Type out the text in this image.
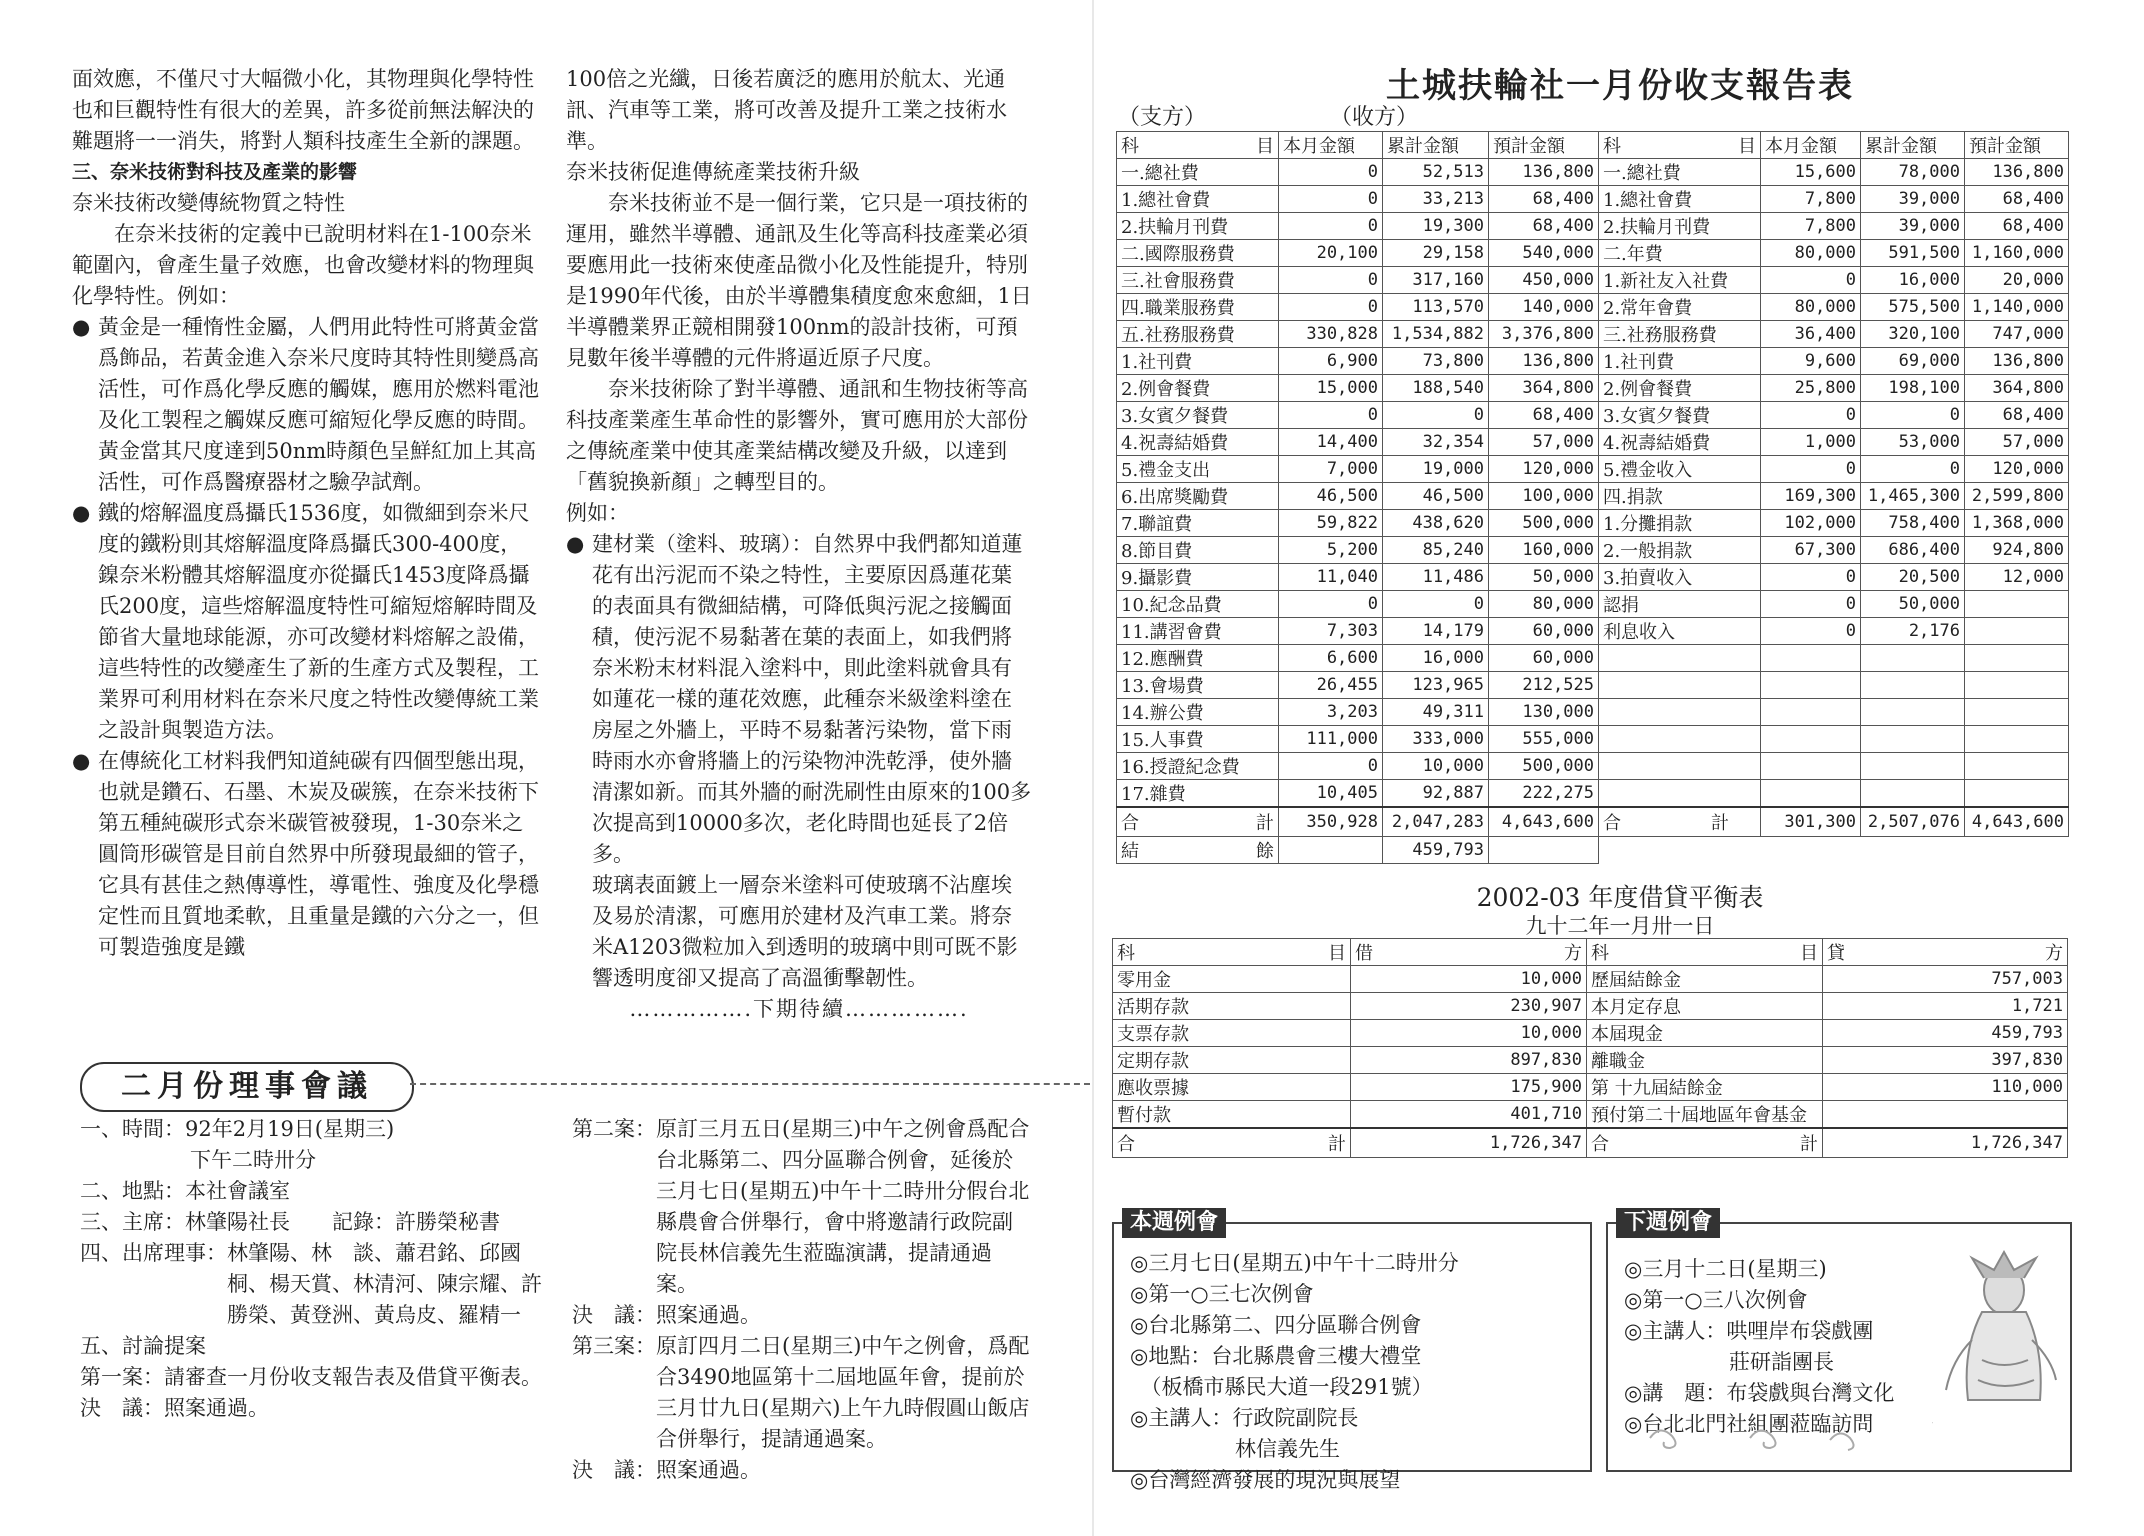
面效應，不僅尺寸大幅微小化，其物理與化學特性也和巨觀特性有很大的差異，許多從前無法解決的難題將一一消失，將對人類科技產生全新的課題。

三、奈米技術對科技及產業的影響

奈米技術改變傳統物質之特性

在奈米技術的定義中已說明材料在1-100奈米範圍內，會產生量子效應，也會改變材料的物理與化學特性。例如：

● 黃金是一種惰性金屬，人們用此特性可將黃金當爲飾品，若黃金進入奈米尺度時其特性則變爲高活性，可作爲化學反應的觸媒，應用於燃料電池及化工製程之觸媒反應可縮短化學反應的時間。黃金當其尺度達到50nm時顏色呈鮮紅加上其高活性，可作爲醫療器材之驗孕試劑。

● 鐵的熔解溫度爲攝氏1536度，如微細到奈米尺度的鐵粉則其熔解溫度降爲攝氏300-400度，鎳奈米粉體其熔解溫度亦從攝氏1453度降爲攝氏200度，這些熔解溫度特性可縮短熔解時間及節省大量地球能源，亦可改變材料熔解之設備，這些特性的改變產生了新的生產方式及製程，工業界可利用材料在奈米尺度之特性改變傳統工業之設計與製造方法。

● 在傳統化工材料我們知道純碳有四個型態出現，也就是鑽石、石墨、木炭及碳簇，在奈米技術下第五種純碳形式奈米碳管被發現，1-30奈米之圓筒形碳管是目前自然界中所發現最細的管子，它具有甚佳之熱傳導性，導電性、強度及化學穩定性而且質地柔軟，且重量是鐵的六分之一，但可製造強度是鐵

100倍之光纖，日後若廣泛的應用於航太、光通訊、汽車等工業，將可改善及提升工業之技術水準。

奈米技術促進傳統產業技術升級

奈米技術並不是一個行業，它只是一項技術的運用，雖然半導體、通訊及生化等高科技產業必須要應用此一技術來使產品微小化及性能提升，特別是1990年代後，由於半導體集積度愈來愈細，1日半導體業界正競相開發100nm的設計技術，可預見數年後半導體的元件將逼近原子尺度。

奈米技術除了對半導體、通訊和生物技術等高科技產業產生革命性的影響外，實可應用於大部份之傳統產業中使其產業結構改變及升級，以達到「舊貌換新顏」之轉型目的。

例如：

● 建材業（塗料、玻璃）：自然界中我們都知道蓮花有出污泥而不染之特性，主要原因爲蓮花葉的表面具有微細結構，可降低與污泥之接觸面積，使污泥不易黏著在葉的表面上，如我們將奈米粉末材料混入塗料中，則此塗料就會具有如蓮花一樣的蓮花效應，此種奈米級塗料塗在房屋之外牆上，平時不易黏著污染物，當下雨時雨水亦會將牆上的污染物沖洗乾淨，使外牆清潔如新。而其外牆的耐洗刷性由原來的100多次提高到10000多次，老化時間也延長了2倍多。

玻璃表面鍍上一層奈米塗料可使玻璃不沾塵埃及易於清潔，可應用於建材及汽車工業。將奈米A1203微粒加入到透明的玻璃中則可既不影響透明度卻又提高了高溫衝擊韌性。

…………….下期待續…………….

二月份理事會議
一、時間： 92年2月19日(星期三)
下午二時卅分
二、地點： 本社會議室
三、主席： 林肇陽社長　　記錄：許勝榮秘書
四、出席理事： 林肇陽、林　談、蕭君銘、邱國桐、楊天賞、林清河、陳宗耀、許勝榮、黃登洲、黃烏皮、羅精一
五、討論提案
第一案： 請審查一月份收支報告表及借貸平衡表。
決　議： 照案通過。
第二案： 原訂三月五日(星期三)中午之例會爲配合台北縣第二、四分區聯合例會，延後於三月七日(星期五)中午十二時卅分假台北縣農會合併舉行，會中將邀請行政院副院長林信義先生蒞臨演講，提請通過案。
決　議： 照案通過。
第三案： 原訂四月二日(星期三)中午之例會，爲配合3490地區第十二屆地區年會，提前於三月廿九日(星期六)上午九時假圓山飯店合併舉行，提請通過案。
決　議： 照案通過。
土城扶輪社一月份收支報告表
（支方）	（收方）
科 目	本月金額	累計金額	預計金額	科 目	本月金額	累計金額	預計金額
一.總社費	0	52,513	136,800	一.總社費	15,600	78,000	136,800
1.總社會費	0	33,213	68,400	1.總社會費	7,800	39,000	68,400
2.扶輪月刊費	0	19,300	68,400	2.扶輪月刊費	7,800	39,000	68,400
二.國際服務費	20,100	29,158	540,000	二.年費	80,000	591,500	1,160,000
三.社會服務費	0	317,160	450,000	1.新社友入社費	0	16,000	20,000
四.職業服務費	0	113,570	140,000	2.常年會費	80,000	575,500	1,140,000
五.社務服務費	330,828	1,534,882	3,376,800	三.社務服務費	36,400	320,100	747,000
1.社刊費	6,900	73,800	136,800	1.社刊費	9,600	69,000	136,800
2.例會餐費	15,000	188,540	364,800	2.例會餐費	25,800	198,100	364,800
3.女賓夕餐費	0	0	68,400	3.女賓夕餐費	0	0	68,400
4.祝壽結婚費	14,400	32,354	57,000	4.祝壽結婚費	1,000	53,000	57,000
5.禮金支出	7,000	19,000	120,000	5.禮金收入	0	0	120,000
6.出席獎勵費	46,500	46,500	100,000	四.捐款	169,300	1,465,300	2,599,800
7.聯誼費	59,822	438,620	500,000	1.分攤捐款	102,000	758,400	1,368,000
8.節目費	5,200	85,240	160,000	2.一般捐款	67,300	686,400	924,800
9.攝影費	11,040	11,486	50,000	3.拍賣收入	0	20,500	12,000
10.紀念品費	0	0	80,000	認捐	0	50,000	
11.講習會費	7,303	14,179	60,000	利息收入	0	2,176	
12.應酬費	6,600	16,000	60,000				
13.會場費	26,455	123,965	212,525				
14.辦公費	3,203	49,311	130,000				
15.人事費	111,000	333,000	555,000				
16.授證紀念費	0	10,000	500,000				
17.雜費	10,405	92,887	222,275				

合 計	350,928	2,047,283	4,643,600	合 計	301,300	2,507,076	4,643,600

結 餘		459,793					
2002-03 年度借貸平衡表
九十二年一月卅一日
科 目	借 方	科 目	貸 方

零用金	10,000	歷屆結餘金	757,003
活期存款	230,907	本月定存息	1,721
支票存款	10,000	本屆現金	459,793
定期存款	897,830	離職金	397,830
應收票據	175,900	第 十九屆結餘金	110,000
暫付款	401,710	預付第二十屆地區年會基金	

合 計	1,726,347	合 計	1,726,347
本週例會
◎三月七日(星期五)中午十二時卅分
◎第一○三七次例會
◎台北縣第二、四分區聯合例會
◎地點：台北縣農會三樓大禮堂
　（板橋市縣民大道一段291號）
◎主講人：行政院副院長
　　　　　林信義先生
◎台灣經濟發展的現況與展望
下週例會
◎三月十二日(星期三)
◎第一○三八次例會
◎主講人：哄哩岸布袋戲團
　　　　　莊研詣團長
◎講　題：布袋戲與台灣文化
◎台北北門社組團蒞臨訪問
